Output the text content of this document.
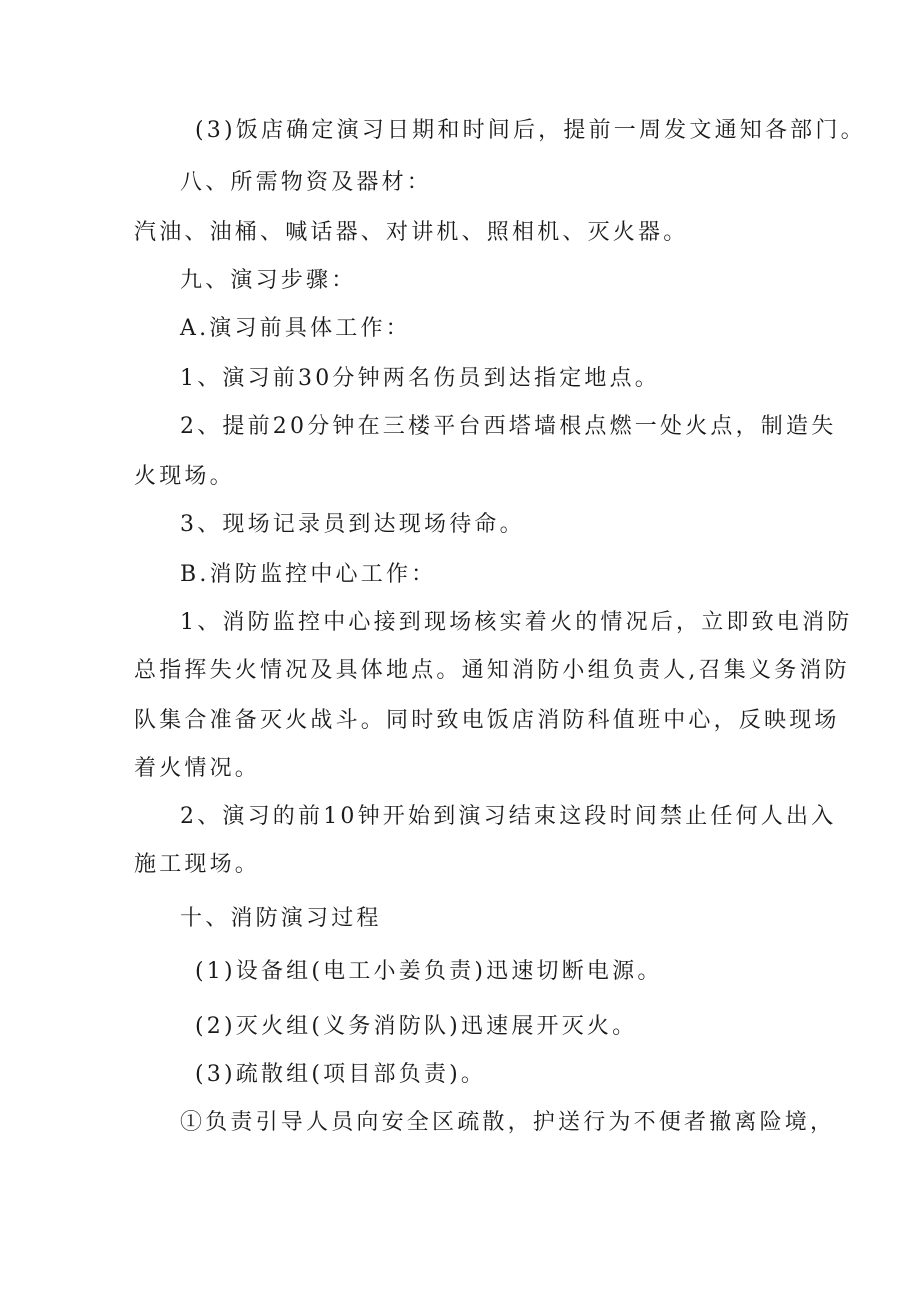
(3)饭店确定演习日期和时间后，提前一周发文通知各部门。
八、所需物资及器材：
汽油、油桶、喊话器、对讲机、照相机、灭火器。
九、演习步骤：
A.演习前具体工作：
1、演习前30分钟两名伤员到达指定地点。
2、提前20分钟在三楼平台西塔墙根点燃一处火点，制造失
火现场。
3、现场记录员到达现场待命。
B.消防监控中心工作：
1、消防监控中心接到现场核实着火的情况后，立即致电消防
总指挥失火情况及具体地点。通知消防小组负责人,召集义务消防
队集合准备灭火战斗。同时致电饭店消防科值班中心，反映现场
着火情况。
2、演习的前10钟开始到演习结束这段时间禁止任何人出入
施工现场。
十、消防演习过程
(1)设备组(电工小姜负责)迅速切断电源。
(2)灭火组(义务消防队)迅速展开灭火。
(3)疏散组(项目部负责)。
①负责引导人员向安全区疏散，护送行为不便者撤离险境，
